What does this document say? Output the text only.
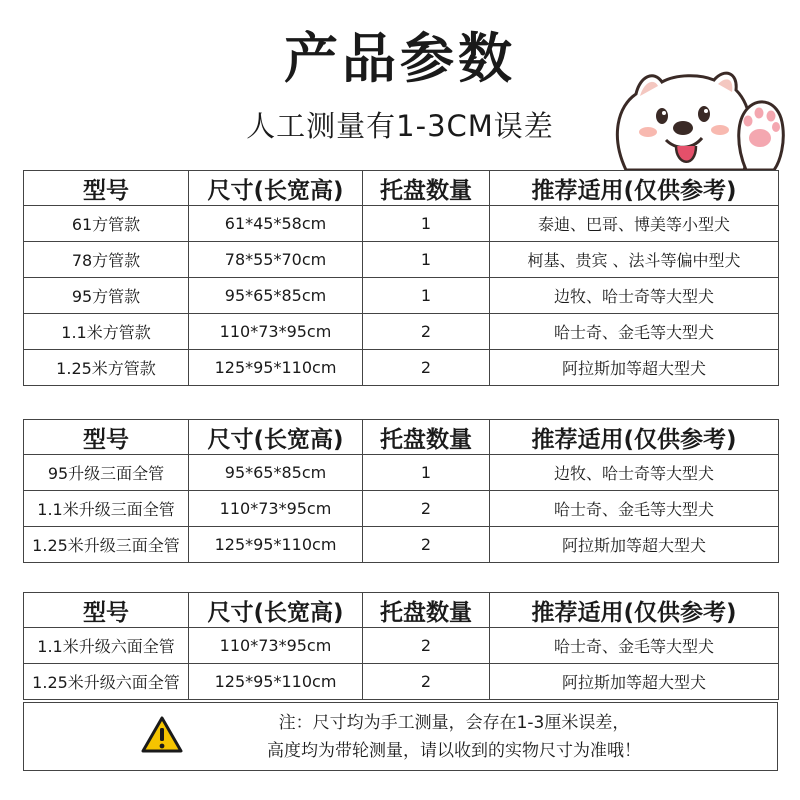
产品参数
人工测量有1-3CM误差
型号	尺寸(长宽高)	托盘数量	推荐适用(仅供参考)
61方管款	61*45*58cm	1	泰迪、巴哥、博美等小型犬
78方管款	78*55*70cm	1	柯基、贵宾 、法斗等偏中型犬
95方管款	95*65*85cm	1	边牧、哈士奇等大型犬
1.1米方管款	110*73*95cm	2	哈士奇、金毛等大型犬
1.25米方管款	125*95*110cm	2	阿拉斯加等超大型犬
型号	尺寸(长宽高)	托盘数量	推荐适用(仅供参考)
95升级三面全管	95*65*85cm	1	边牧、哈士奇等大型犬
1.1米升级三面全管	110*73*95cm	2	哈士奇、金毛等大型犬
1.25米升级三面全管	125*95*110cm	2	阿拉斯加等超大型犬
型号	尺寸(长宽高)	托盘数量	推荐适用(仅供参考)
1.1米升级六面全管	110*73*95cm	2	哈士奇、金毛等大型犬
1.25米升级六面全管	125*95*110cm	2	阿拉斯加等超大型犬
注：尺寸均为手工测量，会存在1-3厘米误差，
高度均为带轮测量，请以收到的实物尺寸为准哦！
